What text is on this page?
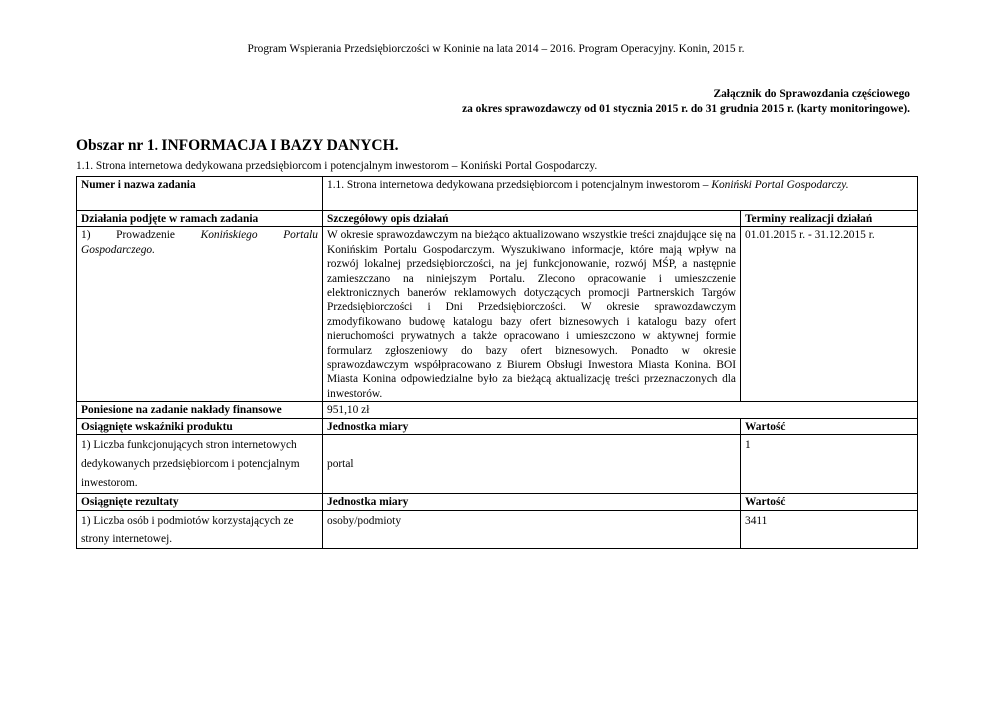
Program Wspierania Przedsiębiorczości w Koninie na lata 2014 – 2016. Program Operacyjny. Konin, 2015 r.
Załącznik do Sprawozdania częściowego
za okres sprawozdawczy od 01 stycznia 2015 r. do 31 grudnia 2015 r. (karty monitoringowe).
Obszar nr 1. INFORMACJA I BAZY DANYCH.
1.1. Strona internetowa dedykowana przedsiębiorcom i potencjalnym inwestorom – Koniński Portal Gospodarczy.
Numer i nazwa zadania	1.1. Strona internetowa dedykowana przedsiębiorcom i potencjalnym inwestorom – Koniński Portal Gospodarczy.	
Działania podjęte w ramach zadania	Szczegółowy opis działań	Terminy realizacji działań
1) Prowadzenie Konińskiego Portalu Gospodarczego.	W okresie sprawozdawczym na bieżąco aktualizowano wszystkie treści znajdujące się na Konińskim Portalu Gospodarczym. Wyszukiwano informacje, które mają wpływ na rozwój lokalnej przedsiębiorczości, na jej funkcjonowanie, rozwój MŚP, a następnie zamieszczano na niniejszym Portalu. Zlecono opracowanie i umieszczenie elektronicznych banerów reklamowych dotyczących promocji Partnerskich Targów Przedsiębiorczości i Dni Przedsiębiorczości. W okresie sprawozdawczym zmodyfikowano budowę katalogu bazy ofert biznesowych i katalogu bazy ofert nieruchomości prywatnych a także opracowano i umieszczono w aktywnej formie formularz zgłoszeniowy do bazy ofert biznesowych. Ponadto w okresie sprawozdawczym współpracowano z Biurem Obsługi Inwestora Miasta Konina. BOI Miasta Konina odpowiedzialne było za bieżącą aktualizację treści przeznaczonych dla inwestorów.	01.01.2015 r. - 31.12.2015 r.
Poniesione na zadanie nakłady finansowe	951,10 zł	
Osiągnięte wskaźniki produktu	Jednostka miary	Wartość
1) Liczba funkcjonujących stron internetowych dedykowanych przedsiębiorcom i potencjalnym inwestorom.	portal	1
Osiągnięte rezultaty	Jednostka miary	Wartość
1) Liczba osób i podmiotów korzystających ze strony internetowej.	osoby/podmioty	3411
